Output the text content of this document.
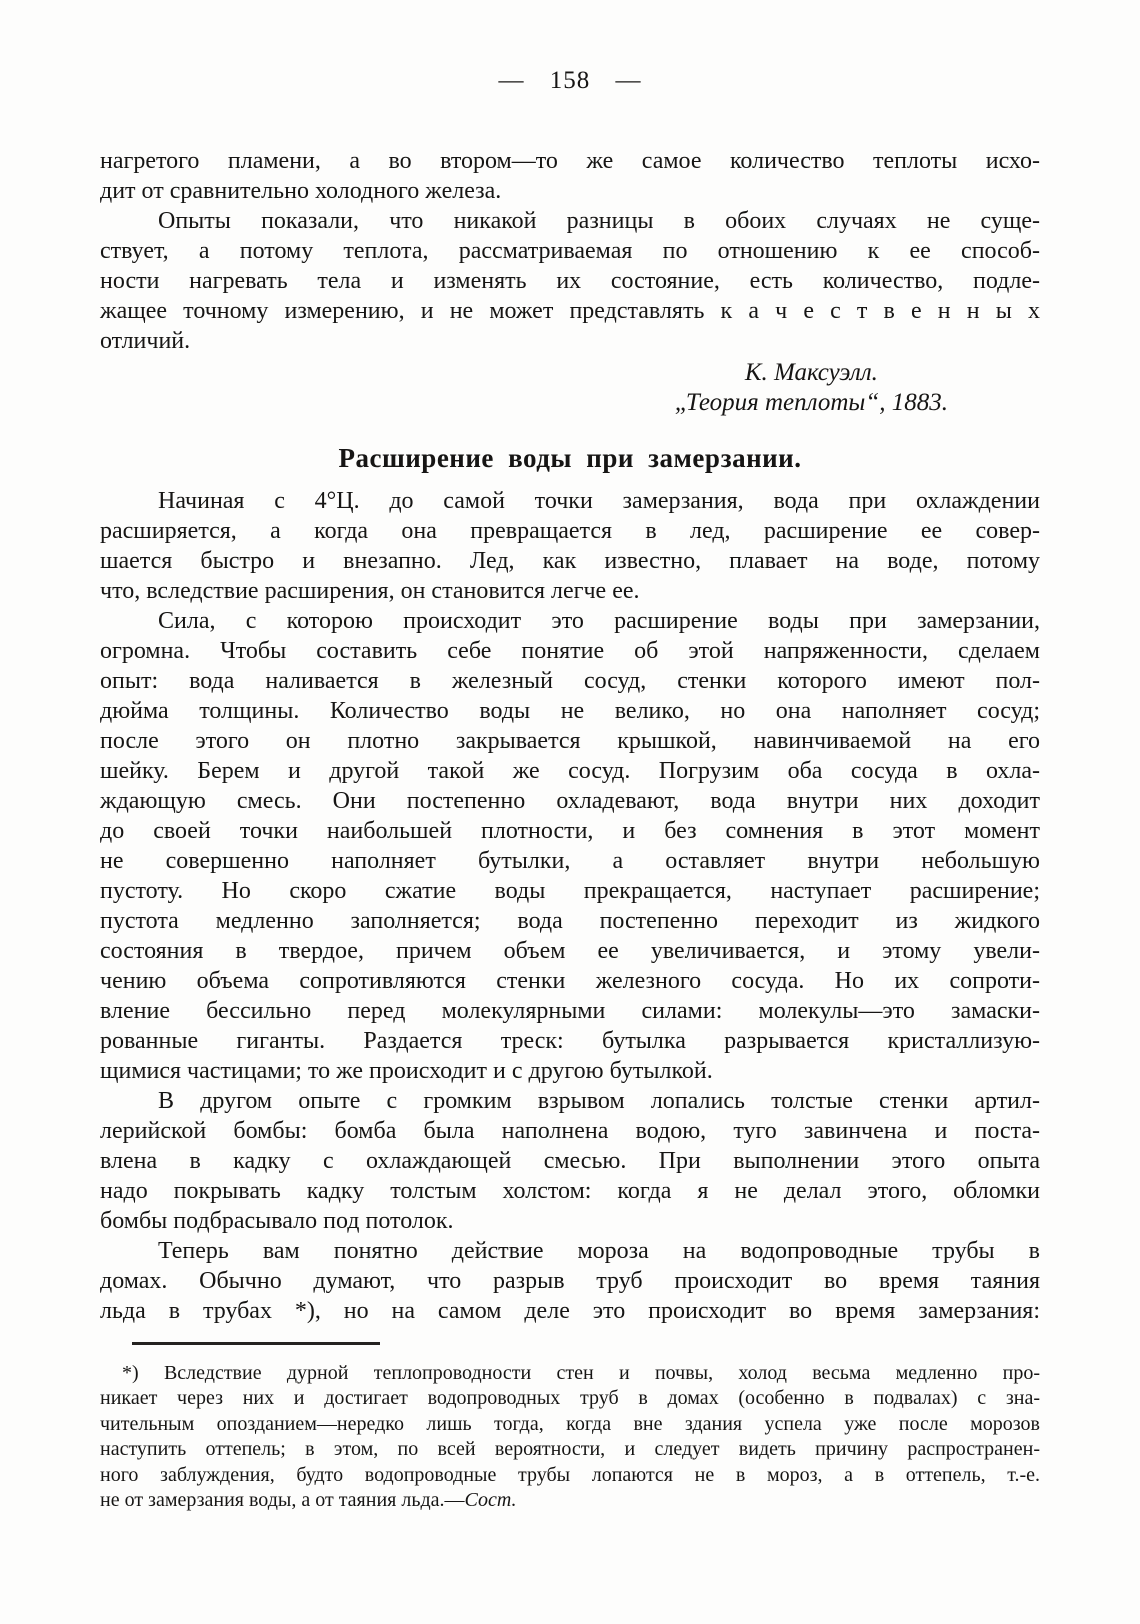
— 158 —
нагретого пламени, а во втором—то же самое количество теплоты исхо-
дит от сравнительно холодного железа.
Опыты показали, что никакой разницы в обоих случаях не суще-
ствует, а потому теплота, рассматриваемая по отношению к ее способ-
ности нагревать тела и изменять их состояние, есть количество, подле-
жащее точному измерению, и не может представлять к а ч е с т в е н н ы х
отличий.
К. Максуэлл.
„Теория теплоты“, 1883.
Расширение воды при замерзании.
Начиная с 4°Ц. до самой точки замерзания, вода при охлаждении
расширяется, а когда она превращается в лед, расширение ее совер-
шается быстро и внезапно. Лед, как известно, плавает на воде, потому
что, вследствие расширения, он становится легче ее.
Сила, с которою происходит это расширение воды при замерзании,
огромна. Чтобы составить себе понятие об этой напряженности, сделаем
опыт: вода наливается в железный сосуд, стенки которого имеют пол-
дюйма толщины. Количество воды не велико, но она наполняет сосуд;
после этого он плотно закрывается крышкой, навинчиваемой на его
шейку. Берем и другой такой же сосуд. Погрузим оба сосуда в охла-
ждающую смесь. Они постепенно охладевают, вода внутри них доходит
до своей точки наибольшей плотности, и без сомнения в этот момент
не совершенно наполняет бутылки, а оставляет внутри небольшую
пустоту. Но скоро сжатие воды прекращается, наступает расширение;
пустота медленно заполняется; вода постепенно переходит из жидкого
состояния в твердое, причем объем ее увеличивается, и этому увели-
чению объема сопротивляются стенки железного сосуда. Но их сопроти-
вление бессильно перед молекулярными силами: молекулы—это замаски-
рованные гиганты. Раздается треск: бутылка разрывается кристаллизую-
щимися частицами; то же происходит и с другою бутылкой.
В другом опыте с громким взрывом лопались толстые стенки артил-
лерийской бомбы: бомба была наполнена водою, туго завинчена и поста-
влена в кадку с охлаждающей смесью. При выполнении этого опыта
надо покрывать кадку толстым холстом: когда я не делал этого, обломки
бомбы подбрасывало под потолок.
Теперь вам понятно действие мороза на водопроводные трубы в
домах. Обычно думают, что разрыв труб происходит во время таяния
льда в трубах *), но на самом деле это происходит во время замерзания:
*) Вследствие дурной теплопроводности стен и почвы, холод весьма медленно про-
никает через них и достигает водопроводных труб в домах (особенно в подвалах) с зна-
чительным опозданием—нередко лишь тогда, когда вне здания успела уже после морозов
наступить оттепель; в этом, по всей вероятности, и следует видеть причину распространен-
ного заблуждения, будто водопроводные трубы лопаются не в мороз, а в оттепель, т.-е.
не от замерзания воды, а от таяния льда.—Сост.
